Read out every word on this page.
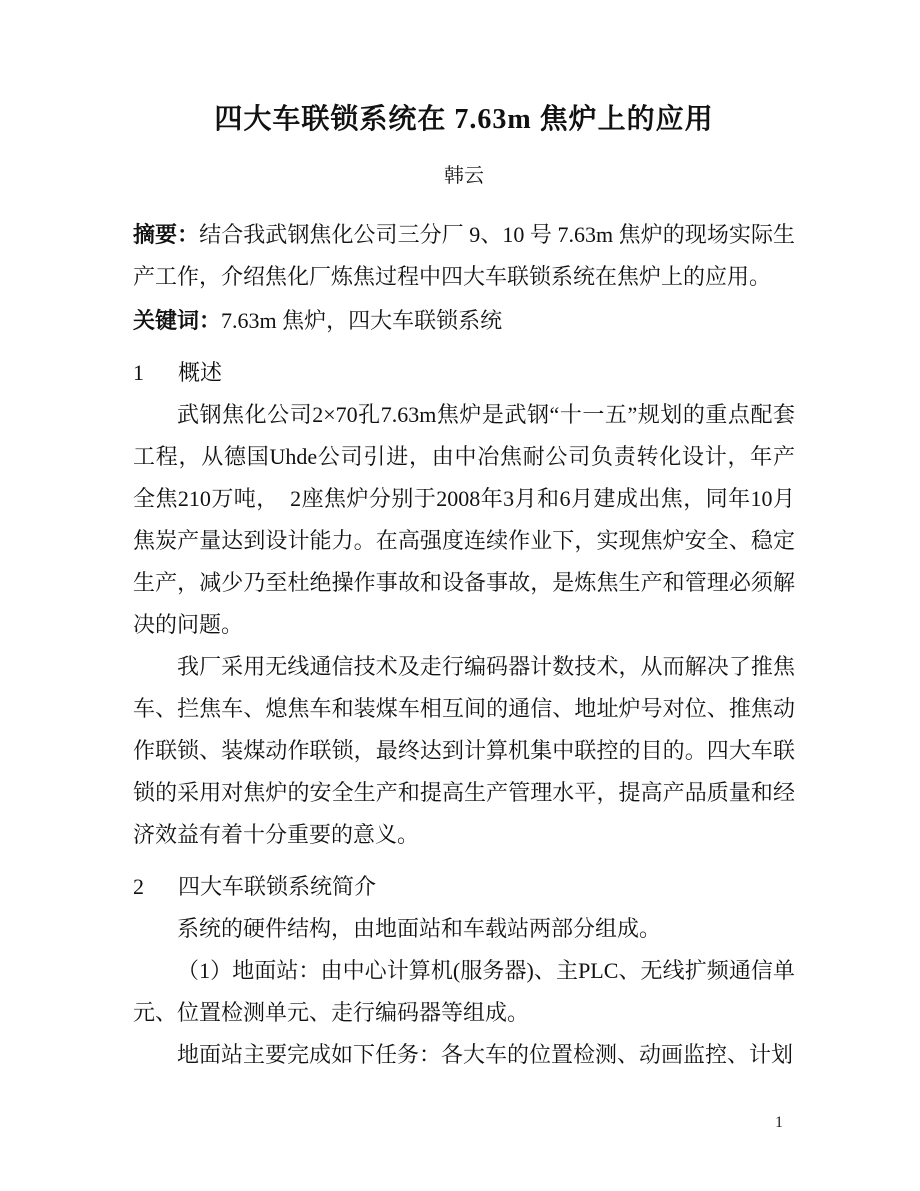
四大车联锁系统在 7.63m 焦炉上的应用
韩云

摘要：结合我武钢焦化公司三分厂 9、10 号 7.63m 焦炉的现场实际生产工作，介绍焦化厂炼焦过程中四大车联锁系统在焦炉上的应用。

关键词：7.63m 焦炉，四大车联锁系统

1 概述

武钢焦化公司2×70孔7.63m焦炉是武钢“十一五”规划的重点配套工程，从德国Uhde公司引进，由中冶焦耐公司负责转化设计，年产全焦210万吨，　2座焦炉分别于2008年3月和6月建成出焦，同年10月焦炭产量达到设计能力。在高强度连续作业下，实现焦炉安全、稳定生产，减少乃至杜绝操作事故和设备事故，是炼焦生产和管理必须解决的问题。

我厂采用无线通信技术及走行编码器计数技术，从而解决了推焦车、拦焦车、熄焦车和装煤车相互间的通信、地址炉号对位、推焦动作联锁、装煤动作联锁，最终达到计算机集中联控的目的。四大车联锁的采用对焦炉的安全生产和提高生产管理水平，提高产品质量和经济效益有着十分重要的意义。

2 四大车联锁系统简介

系统的硬件结构，由地面站和车载站两部分组成。

（1）地面站：由中心计算机(服务器)、主PLC、无线扩频通信单元、位置检测单元、走行编码器等组成。

地面站主要完成如下任务：各大车的位置检测、动画监控、计划

1
